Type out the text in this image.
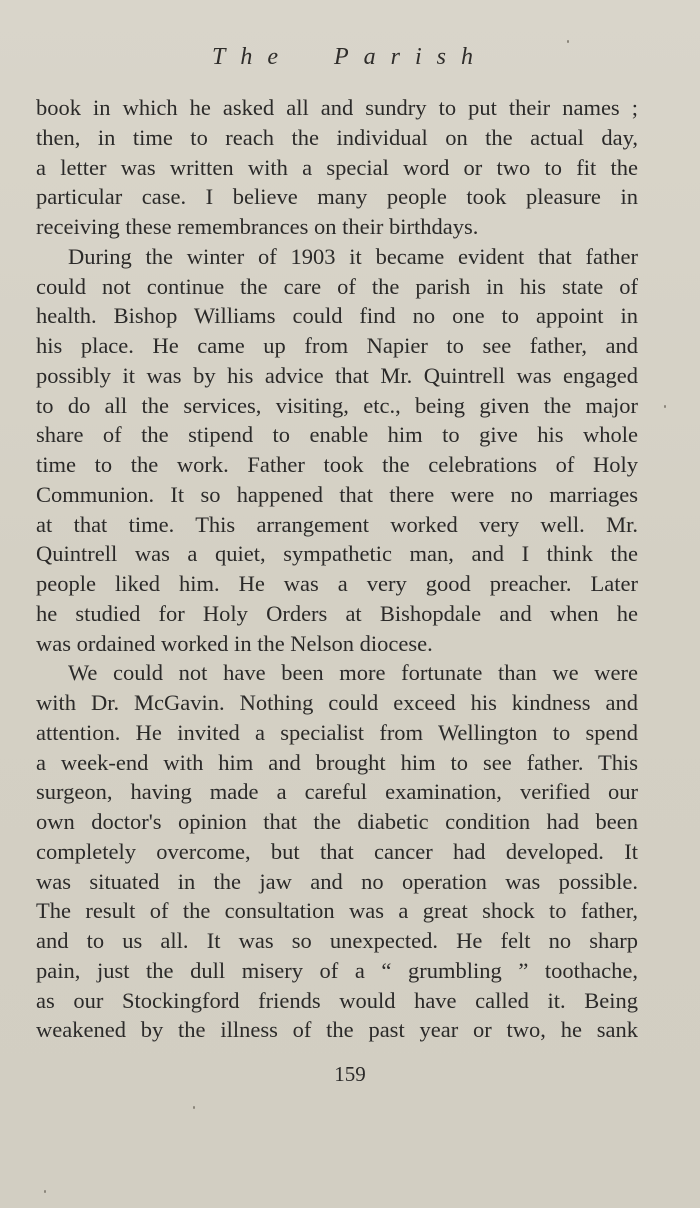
The Parish
book in which he asked all and sundry to put their names ;
then, in time to reach the individual on the actual day,
a letter was written with a special word or two to fit the
particular case. I believe many people took pleasure in
receiving these remembrances on their birthdays.
During the winter of 1903 it became evident that father
could not continue the care of the parish in his state of
health. Bishop Williams could find no one to appoint in
his place. He came up from Napier to see father, and
possibly it was by his advice that Mr. Quintrell was engaged
to do all the services, visiting, etc., being given the major
share of the stipend to enable him to give his whole
time to the work. Father took the celebrations of Holy
Communion. It so happened that there were no marriages
at that time. This arrangement worked very well. Mr.
Quintrell was a quiet, sympathetic man, and I think the
people liked him. He was a very good preacher. Later
he studied for Holy Orders at Bishopdale and when he
was ordained worked in the Nelson diocese.
We could not have been more fortunate than we were
with Dr. McGavin. Nothing could exceed his kindness and
attention. He invited a specialist from Wellington to spend
a week-end with him and brought him to see father. This
surgeon, having made a careful examination, verified our
own doctor's opinion that the diabetic condition had been
completely overcome, but that cancer had developed. It
was situated in the jaw and no operation was possible.
The result of the consultation was a great shock to father,
and to us all. It was so unexpected. He felt no sharp
pain, just the dull misery of a “ grumbling ” toothache,
as our Stockingford friends would have called it. Being
weakened by the illness of the past year or two, he sank
159
